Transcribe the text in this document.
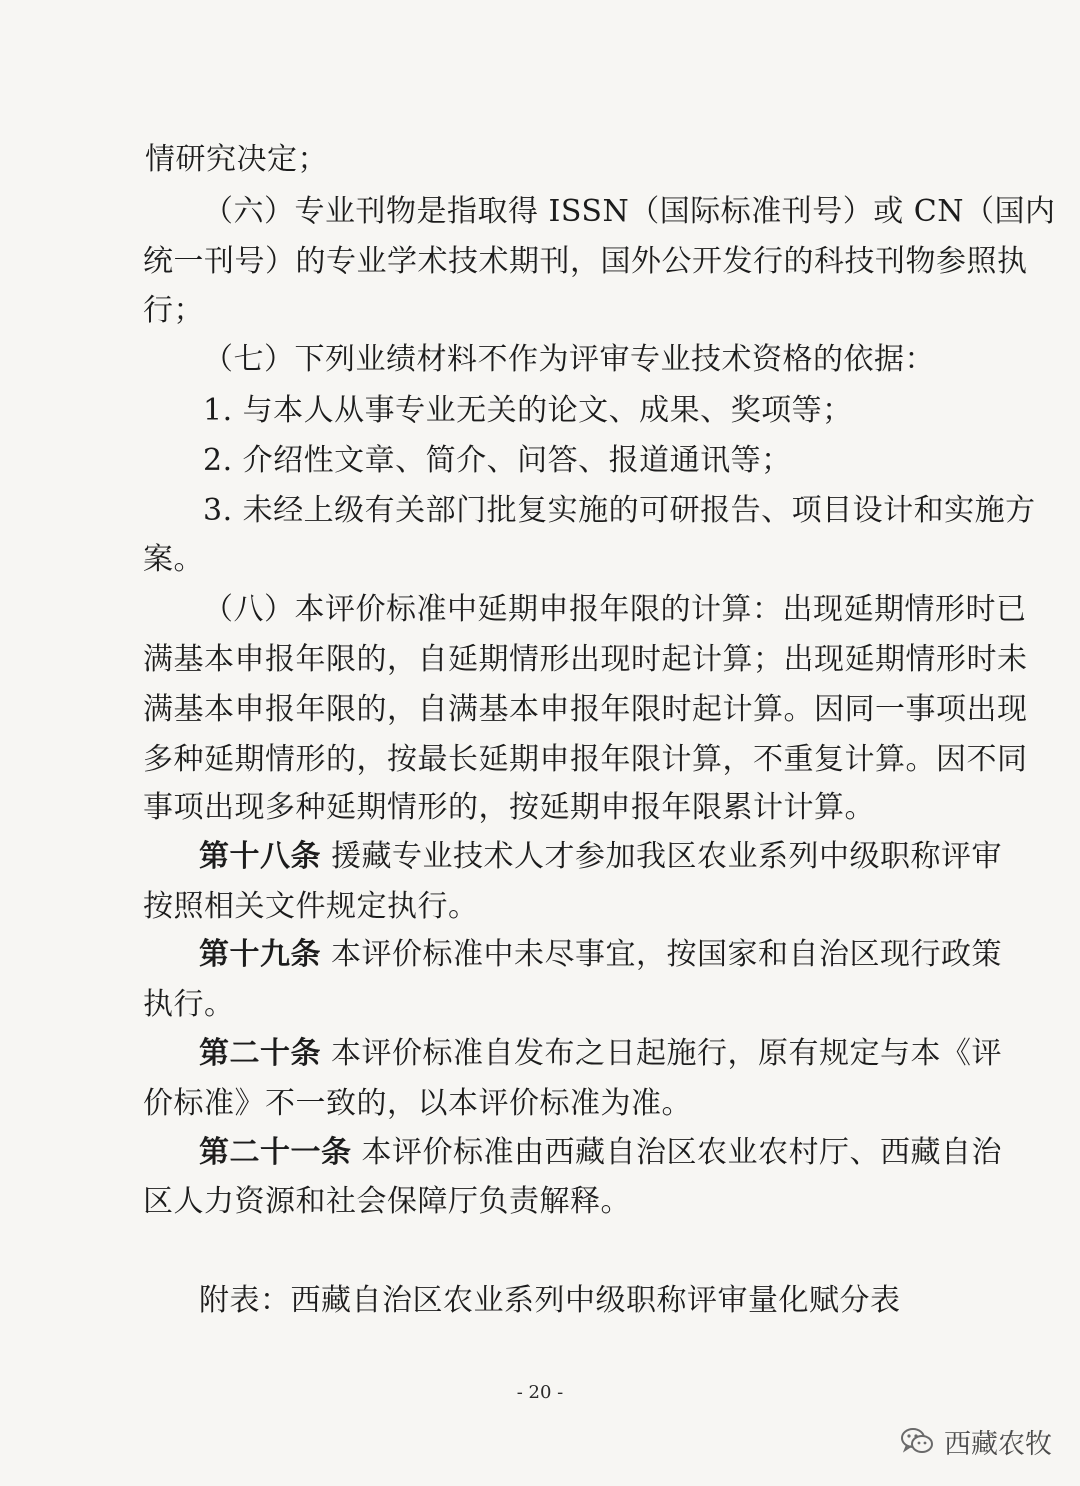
情研究决定；
（六）专业刊物是指取得 ISSN（国际标准刊号）或 CN（国内
统一刊号）的专业学术技术期刊，国外公开发行的科技刊物参照执
行；
（七）下列业绩材料不作为评审专业技术资格的依据：
1. 与本人从事专业无关的论文、成果、奖项等；
2. 介绍性文章、简介、问答、报道通讯等；
3. 未经上级有关部门批复实施的可研报告、项目设计和实施方
案。
（八）本评价标准中延期申报年限的计算：出现延期情形时已
满基本申报年限的，自延期情形出现时起计算；出现延期情形时未
满基本申报年限的，自满基本申报年限时起计算。因同一事项出现
多种延期情形的，按最长延期申报年限计算，不重复计算。因不同
事项出现多种延期情形的，按延期申报年限累计计算。
第十八条 援藏专业技术人才参加我区农业系列中级职称评审
按照相关文件规定执行。
第十九条 本评价标准中未尽事宜，按国家和自治区现行政策
执行。
第二十条 本评价标准自发布之日起施行，原有规定与本《评
价标准》不一致的，以本评价标准为准。
第二十一条 本评价标准由西藏自治区农业农村厅、西藏自治
区人力资源和社会保障厅负责解释。
附表：西藏自治区农业系列中级职称评审量化赋分表
- 20 -
西藏农牧
